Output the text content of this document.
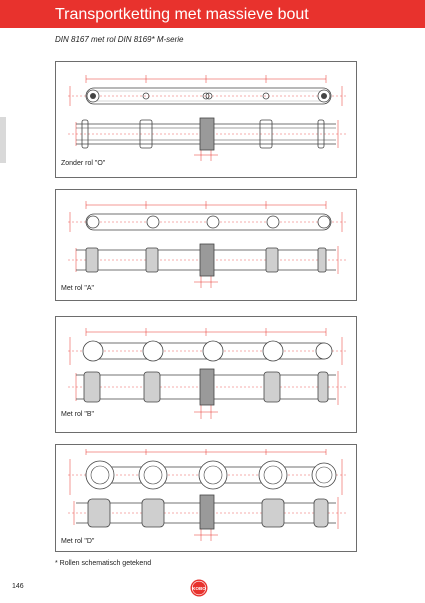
Transportketting met massieve bout
DIN 8167 met rol DIN 8169* M-serie
Zonder rol "O"
Met rol "A"
Met rol "B"
Met rol "D"
* Rollen schematisch getekend
146	KOBO
